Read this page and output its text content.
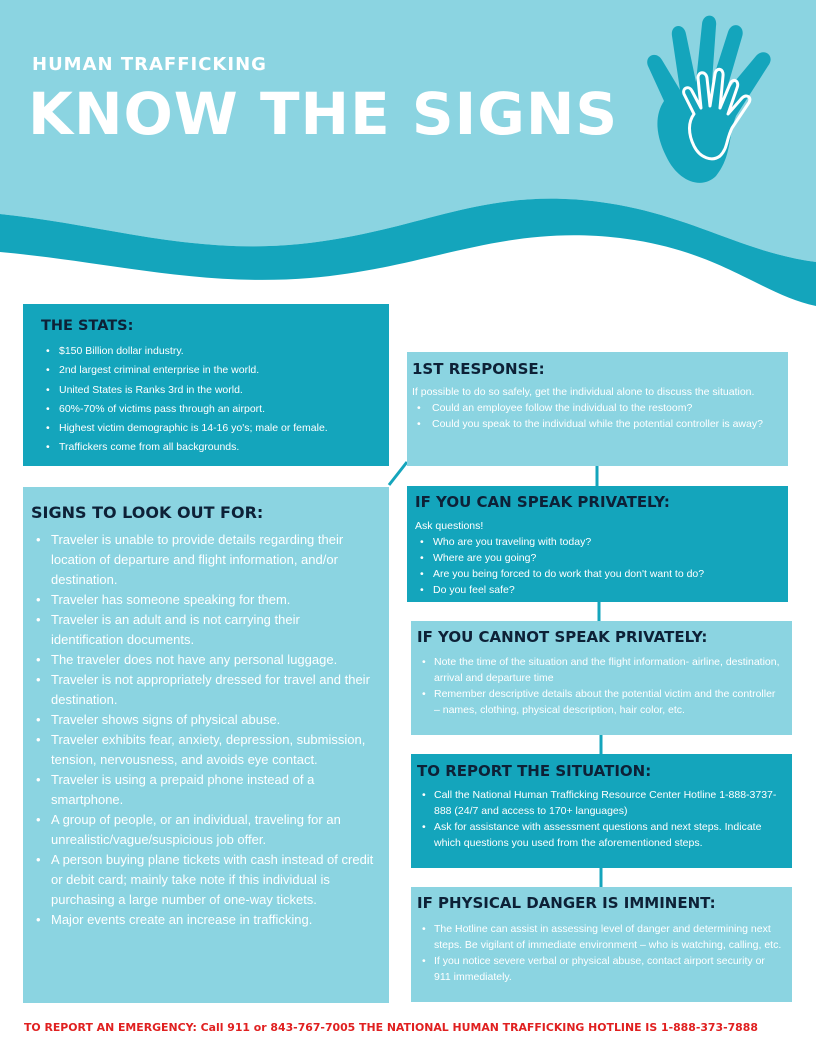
HUMAN TRAFFICKING
KNOW THE SIGNS
THE STATS:
• $150 Billion dollar industry.
• 2nd largest criminal enterprise in the world.
• United States is Ranks 3rd in the world.
• 60%-70% of victims pass through an airport.
• Highest victim demographic is 14-16 yo's; male or female.
• Traffickers come from all backgrounds.
SIGNS TO LOOK OUT FOR:
• Traveler is unable to provide details regarding their location of departure and flight information, and/or destination.
• Traveler has someone speaking for them.
• Traveler is an adult and is not carrying their identification documents.
• The traveler does not have any personal luggage.
• Traveler is not appropriately dressed for travel and their destination.
• Traveler shows signs of physical abuse.
• Traveler exhibits fear, anxiety, depression, submission, tension, nervousness, and avoids eye contact.
• Traveler is using a prepaid phone instead of a smartphone.
• A group of people, or an individual, traveling for an unrealistic/vague/suspicious job offer.
• A person buying plane tickets with cash instead of credit or debit card; mainly take note if this individual is purchasing a large number of one-way tickets.
• Major events create an increase in trafficking.
1ST RESPONSE:

If possible to do so safely, get the individual alone to discuss the situation.

• Could an employee follow the individual to the restoom?
• Could you speak to the individual while the potential controller is away?
IF YOU CAN SPEAK PRIVATELY:

Ask questions!

• Who are you traveling with today?
• Where are you going?
• Are you being forced to do work that you don't want to do?
• Do you feel safe?
IF YOU CANNOT SPEAK PRIVATELY:
• Note the time of the situation and the flight information- airline, destination, arrival and departure time
• Remember descriptive details about the potential victim and the controller – names, clothing, physical description, hair color, etc.
TO REPORT THE SITUATION:
• Call the National Human Trafficking Resource Center Hotline 1-888-3737-888 (24/7 and access to 170+ languages)
• Ask for assistance with assessment questions and next steps. Indicate which questions you used from the aforementioned steps.
IF PHYSICAL DANGER IS IMMINENT:
• The Hotline can assist in assessing level of danger and determining next steps. Be vigilant of immediate environment – who is watching, calling, etc.
• If you notice severe verbal or physical abuse, contact airport security or 911 immediately.
TO REPORT AN EMERGENCY: Call 911 or 843-767-7005 THE NATIONAL HUMAN TRAFFICKING HOTLINE IS 1-888-373-7888
